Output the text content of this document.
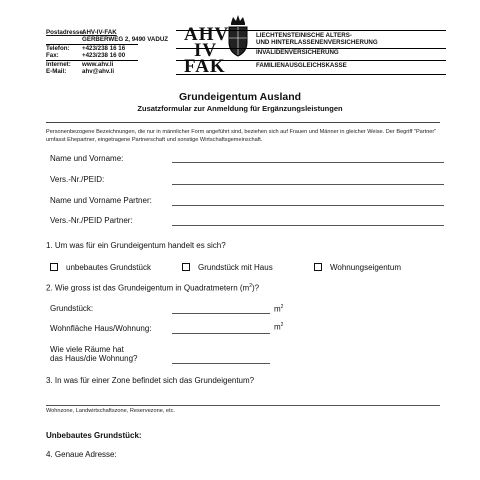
Postadresse:
AHV-IV-FAK
GERBERWEG 2, 9490 VADUZ
Telefon:	+423/238 16 16
Fax:	+423/238 16 00
Internet:	www.ahv.li
E-Mail:	ahv@ahv.li
AHV
IV
FAK
LIECHTENSTEINISCHE ALTERS-
UND HINTERLASSENENVERSICHERUNG
INVALIDENVERSICHERUNG
FAMILIENAUSGLEICHSKASSE
Grundeigentum Ausland
Zusatzformular zur Anmeldung für Ergänzungsleistungen
Personenbezogene Bezeichnungen, die nur in männlicher Form angeführt sind, beziehen sich auf Frauen und Männer in gleicher Weise. Der Begriff "Partner" umfasst Ehepartner, eingetragene Partnerschaft und sonstige Wirtschaftsgemeinschaft.
Name und Vorname:
Vers.-Nr./PEID:
Name und Vorname Partner:
Vers.-Nr./PEID Partner:
1. Um was für ein Grundeigentum handelt es sich?
unbebautes Grundstück	Grundstück mit Haus	Wohnungseigentum
2. Wie gross ist das Grundeigentum in Quadratmetern $(m^2)$?
Grundstück:	$m^2$
Wohnfläche Haus/Wohnung:	$m^2$
Wie viele Räume hat
das Haus/die Wohnung?
3. In was für einer Zone befindet sich das Grundeigentum?
Wohnzone, Landwirtschaftszone, Reservezone, etc.
Unbebautes Grundstück:
4. Genaue Adresse:
